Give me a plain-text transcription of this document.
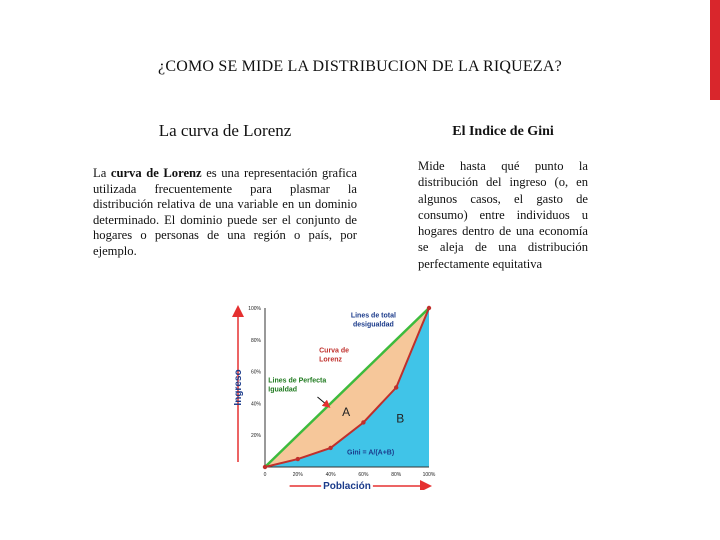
¿COMO SE MIDE LA DISTRIBUCION DE LA RIQUEZA?
La curva de Lorenz	El Indice de Gini
La curva de Lorenz es una representación grafica utilizada frecuentemente para plasmar la distribución relativa de una variable en un dominio determinado. El dominio puede ser el conjunto de hogares o personas de una región o país, por ejemplo.
Mide hasta qué punto la distribución del ingreso (o, en algunos casos, el gasto de consumo) entre individuos u hogares dentro de una economía se aleja de una distribución perfectamente equitativa
20%
40%
60%
80%
100%
0	20%	40%	60%	80%	100%
Lines de total
desigualdad
Curva de
Lorenz
Lines de Perfecta
Igualdad
A	B
Gini = A/(A+B)
Población
Ingreso
